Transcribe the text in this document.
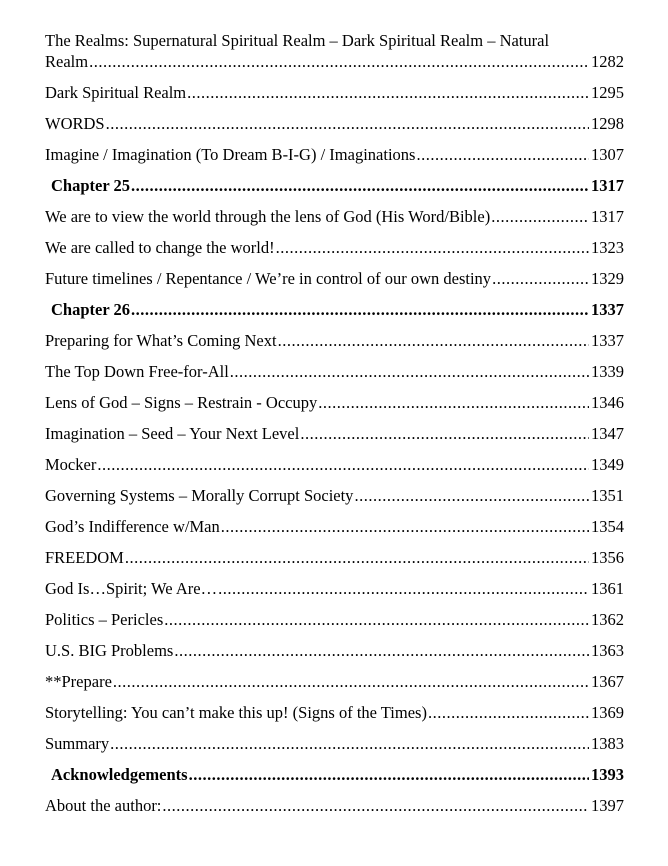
The Realms: Supernatural Spiritual Realm – Dark Spiritual Realm – Natural
Realm .....	1282
Dark Spiritual Realm .....	1295
WORDS .....	1298
Imagine / Imagination (To Dream B-I-G) / Imaginations .....	1307
Chapter 25 .....	1317
We are to view the world through the lens of God (His Word/Bible) .....	1317
We are called to change the world! .....	1323
Future timelines / Repentance / We’re in control of our own destiny .....	1329
Chapter 26 .....	1337
Preparing for What’s Coming Next .....	1337
The Top Down Free-for-All .....	1339
Lens of God – Signs – Restrain - Occupy .....	1346
Imagination – Seed – Your Next Level .....	1347
Mocker .....	1349
Governing Systems – Morally Corrupt Society .....	1351
God’s Indifference w/Man .....	1354
FREEDOM .....	1356
God Is…Spirit; We Are… .....	1361
Politics – Pericles .....	1362
U.S. BIG Problems .....	1363
**Prepare .....	1367
Storytelling: You can’t make this up! (Signs of the Times) .....	1369
Summary .....	1383
Acknowledgements .....	1393
About the author: .....	1397
